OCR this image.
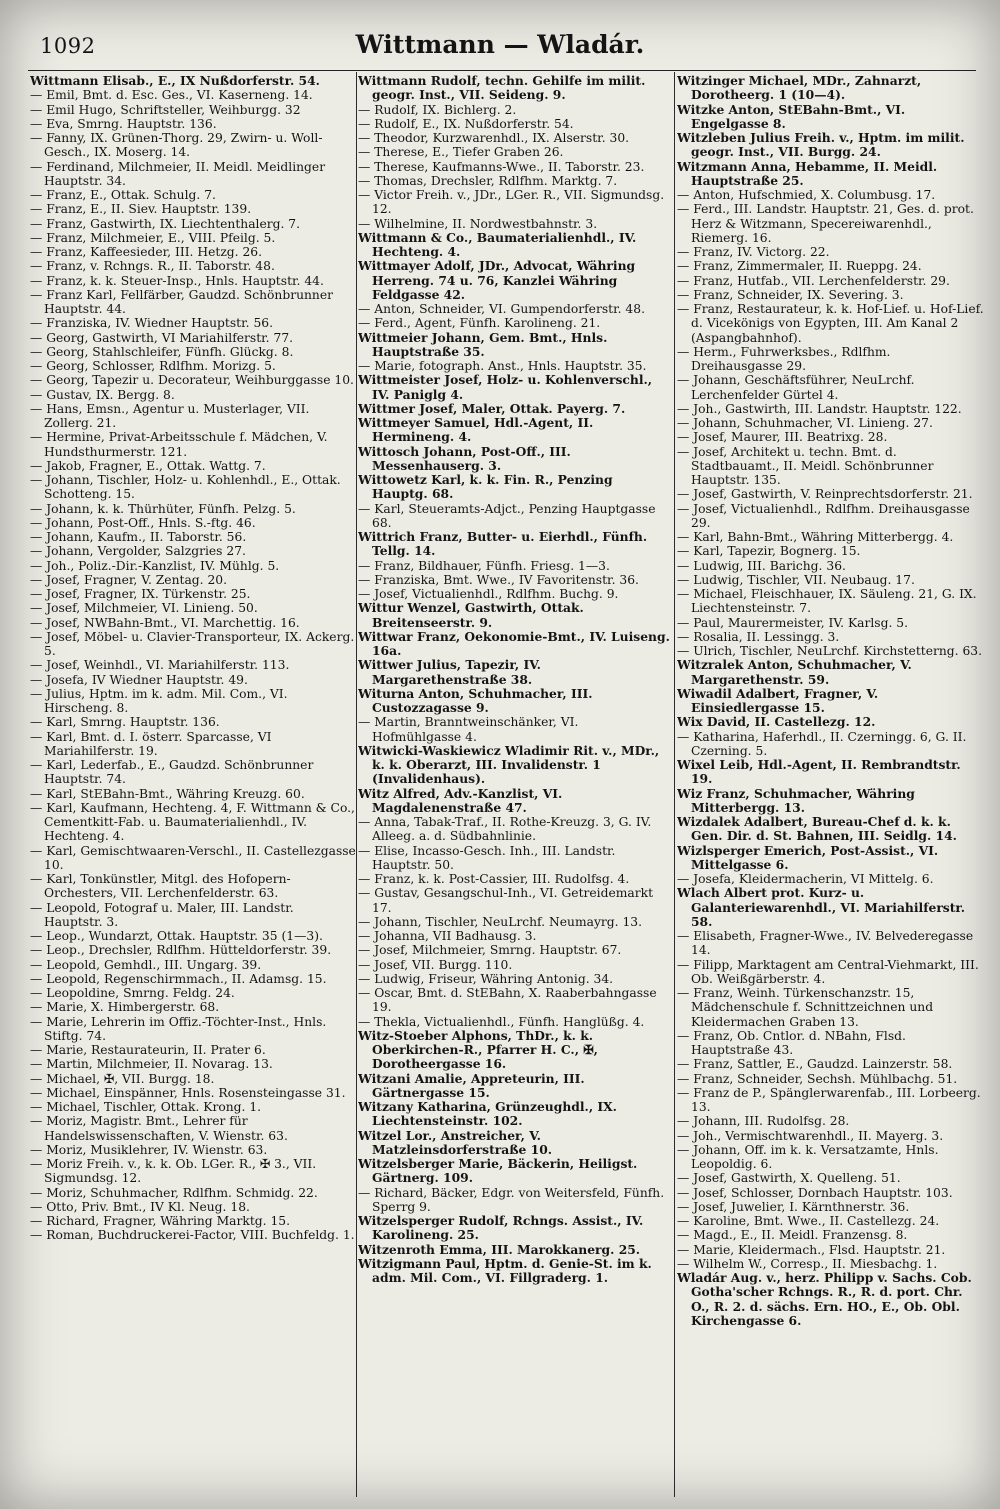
1092	Wittmann — Wladár.
Wittmann Elisab., E., IX Nußdorferstr. 54.
— Emil, Bmt. d. Esc. Ges., VI. Kaserneng. 14.
— Emil Hugo, Schriftsteller, Weihburgg. 32
— Eva, Smrng. Hauptstr. 136.
— Fanny, IX. Grünen-Thorg. 29, Zwirn- u. Woll-Gesch., IX. Moserg. 14.
— Ferdinand, Milchmeier, II. Meidl. Meidlinger Hauptstr. 34.
— Franz, E., Ottak. Schulg. 7.
— Franz, E., II. Siev. Hauptstr. 139.
— Franz, Gastwirth, IX. Liechtenthalerg. 7.
— Franz, Milchmeier, E., VIII. Pfeilg. 5.
— Franz, Kaffeesieder, III. Hetzg. 26.
— Franz, v. Rchngs. R., II. Taborstr. 48.
— Franz, k. k. Steuer-Insp., Hnls. Hauptstr. 44.
— Franz Karl, Fellfärber, Gaudzd. Schönbrunner Hauptstr. 44.
— Franziska, IV. Wiedner Hauptstr. 56.
— Georg, Gastwirth, VI Mariahilferstr. 77.
— Georg, Stahlschleifer, Fünfh. Glückg. 8.
— Georg, Schlosser, Rdlfhm. Morizg. 5.
— Georg, Tapezir u. Decorateur, Weihburggasse 10.
— Gustav, IX. Bergg. 8.
— Hans, Emsn., Agentur u. Musterlager, VII. Zollerg. 21.
— Hermine, Privat-Arbeitsschule f. Mädchen, V. Hundsthurmerstr. 121.
— Jakob, Fragner, E., Ottak. Wattg. 7.
— Johann, Tischler, Holz- u. Kohlenhdl., E., Ottak. Schotteng. 15.
— Johann, k. k. Thürhüter, Fünfh. Pelzg. 5.
— Johann, Post-Off., Hnls. S.-ftg. 46.
— Johann, Kaufm., II. Taborstr. 56.
— Johann, Vergolder, Salzgries 27.
— Joh., Poliz.-Dir.-Kanzlist, IV. Mühlg. 5.
— Josef, Fragner, V. Zentag. 20.
— Josef, Fragner, IX. Türkenstr. 25.
— Josef, Milchmeier, VI. Linieng. 50.
— Josef, NWBahn-Bmt., VI. Marchettig. 16.
— Josef, Möbel- u. Clavier-Transporteur, IX. Ackerg. 5.
— Josef, Weinhdl., VI. Mariahilferstr. 113.
— Josefa, IV Wiedner Hauptstr. 49.
— Julius, Hptm. im k. adm. Mil. Com., VI. Hirscheng. 8.
— Karl, Smrng. Hauptstr. 136.
— Karl, Bmt. d. I. österr. Sparcasse, VI Mariahilferstr. 19.
— Karl, Lederfab., E., Gaudzd. Schönbrunner Hauptstr. 74.
— Karl, StEBahn-Bmt., Währing Kreuzg. 60.
— Karl, Kaufmann, Hechteng. 4, F. Wittmann & Co., Cementkitt-Fab. u. Baumaterialienhdl., IV. Hechteng. 4.
— Karl, Gemischtwaaren-Verschl., II. Castellezgasse 10.
— Karl, Tonkünstler, Mitgl. des Hofopern-Orchesters, VII. Lerchenfelderstr. 63.
— Leopold, Fotograf u. Maler, III. Landstr. Hauptstr. 3.
— Leop., Wundarzt, Ottak. Hauptstr. 35 (1—3).
— Leop., Drechsler, Rdlfhm. Hütteldorferstr. 39.
— Leopold, Gemhdl., III. Ungarg. 39.
— Leopold, Regenschirmmach., II. Adamsg. 15.
— Leopoldine, Smrng. Feldg. 24.
— Marie, X. Himbergerstr. 68.
— Marie, Lehrerin im Offiz.-Töchter-Inst., Hnls. Stiftg. 74.
— Marie, Restaurateurin, II. Prater 6.
— Martin, Milchmeier, II. Novarag. 13.
— Michael, ✠, VII. Burgg. 18.
— Michael, Einspänner, Hnls. Rosensteingasse 31.
— Michael, Tischler, Ottak. Krong. 1.
— Moriz, Magistr. Bmt., Lehrer für Handelswissenschaften, V. Wienstr. 63.
— Moriz, Musiklehrer, IV. Wienstr. 63.
— Moriz Freih. v., k. k. Ob. LGer. R., ✠ 3., VII. Sigmundsg. 12.
— Moriz, Schuhmacher, Rdlfhm. Schmidg. 22.
— Otto, Priv. Bmt., IV Kl. Neug. 18.
— Richard, Fragner, Währing Marktg. 15.
— Roman, Buchdruckerei-Factor, VIII. Buchfeldg. 1.
Wittmann Rudolf, techn. Gehilfe im milit. geogr. Inst., VII. Seideng. 9.
— Rudolf, IX. Bichlerg. 2.
— Rudolf, E., IX. Nußdorferstr. 54.
— Theodor, Kurzwarenhdl., IX. Alserstr. 30.
— Therese, E., Tiefer Graben 26.
— Therese, Kaufmanns-Wwe., II. Taborstr. 23.
— Thomas, Drechsler, Rdlfhm. Marktg. 7.
— Victor Freih. v., JDr., LGer. R., VII. Sigmundsg. 12.
— Wilhelmine, II. Nordwestbahnstr. 3.
Wittmann & Co., Baumaterialienhdl., IV. Hechteng. 4.
Wittmayer Adolf, JDr., Advocat, Währing Herreng. 74 u. 76, Kanzlei Währing Feldgasse 42.
— Anton, Schneider, VI. Gumpendorferstr. 48.
— Ferd., Agent, Fünfh. Karolineng. 21.
Wittmeier Johann, Gem. Bmt., Hnls. Hauptstraße 35.
— Marie, fotograph. Anst., Hnls. Hauptstr. 35.
Wittmeister Josef, Holz- u. Kohlenverschl., IV. Paniglg 4.
Wittmer Josef, Maler, Ottak. Payerg. 7.
Wittmeyer Samuel, Hdl.-Agent, II. Hermineng. 4.
Wittosch Johann, Post-Off., III. Messenhauserg. 3.
Wittowetz Karl, k. k. Fin. R., Penzing Hauptg. 68.
— Karl, Steueramts-Adjct., Penzing Hauptgasse 68.
Wittrich Franz, Butter- u. Eierhdl., Fünfh. Tellg. 14.
— Franz, Bildhauer, Fünfh. Friesg. 1—3.
— Franziska, Bmt. Wwe., IV Favoritenstr. 36.
— Josef, Victualienhdl., Rdlfhm. Buchg. 9.
Wittur Wenzel, Gastwirth, Ottak. Breitenseerstr. 9.
Wittwar Franz, Oekonomie-Bmt., IV. Luiseng. 16a.
Wittwer Julius, Tapezir, IV. Margarethenstraße 38.
Witurna Anton, Schuhmacher, III. Custozzagasse 9.
— Martin, Branntweinschänker, VI. Hofmühlgasse 4.
Witwicki-Waskiewicz Wladimir Rit. v., MDr., k. k. Oberarzt, III. Invalidenstr. 1 (Invalidenhaus).
Witz Alfred, Adv.-Kanzlist, VI. Magdalenenstraße 47.
— Anna, Tabak-Traf., II. Rothe-Kreuzg. 3, G. IV. Alleeg. a. d. Südbahnlinie.
— Elise, Incasso-Gesch. Inh., III. Landstr. Hauptstr. 50.
— Franz, k. k. Post-Cassier, III. Rudolfsg. 4.
— Gustav, Gesangschul-Inh., VI. Getreidemarkt 17.
— Johann, Tischler, NeuLrchf. Neumayrg. 13.
— Johanna, VII Badhausg. 3.
— Josef, Milchmeier, Smrng. Hauptstr. 67.
— Josef, VII. Burgg. 110.
— Ludwig, Friseur, Währing Antonig. 34.
— Oscar, Bmt. d. StEBahn, X. Raaberbahngasse 19.
— Thekla, Victualienhdl., Fünfh. Hanglüßg. 4.
Witz-Stoeber Alphons, ThDr., k. k. Oberkirchen-R., Pfarrer H. C., ✠, Dorotheergasse 16.
Witzani Amalie, Appreteurin, III. Gärtnergasse 15.
Witzany Katharina, Grünzeughdl., IX. Liechtensteinstr. 102.
Witzel Lor., Anstreicher, V. Matzleinsdorferstraße 10.
Witzelsberger Marie, Bäckerin, Heiligst. Gärtnerg. 109.
— Richard, Bäcker, Edgr. von Weitersfeld, Fünfh. Sperrg 9.
Witzelsperger Rudolf, Rchngs. Assist., IV. Karolineng. 25.
Witzenroth Emma, III. Marokkanerg. 25.
Witzigmann Paul, Hptm. d. Genie-St. im k. adm. Mil. Com., VI. Fillgraderg. 1.
Witzinger Michael, MDr., Zahnarzt, Dorotheerg. 1 (10—4).
Witzke Anton, StEBahn-Bmt., VI. Engelgasse 8.
Witzleben Julius Freih. v., Hptm. im milit. geogr. Inst., VII. Burgg. 24.
Witzmann Anna, Hebamme, II. Meidl. Hauptstraße 25.
— Anton, Hufschmied, X. Columbusg. 17.
— Ferd., III. Landstr. Hauptstr. 21, Ges. d. prot. Herz & Witzmann, Specereiwarenhdl., Riemerg. 16.
— Franz, IV. Victorg. 22.
— Franz, Zimmermaler, II. Rueppg. 24.
— Franz, Hutfab., VII. Lerchenfelderstr. 29.
— Franz, Schneider, IX. Severing. 3.
— Franz, Restaurateur, k. k. Hof-Lief. u. Hof-Lief. d. Vicekönigs von Egypten, III. Am Kanal 2 (Aspangbahnhof).
— Herm., Fuhrwerksbes., Rdlfhm. Dreihausgasse 29.
— Johann, Geschäftsführer, NeuLrchf. Lerchenfelder Gürtel 4.
— Joh., Gastwirth, III. Landstr. Hauptstr. 122.
— Johann, Schuhmacher, VI. Linieng. 27.
— Josef, Maurer, III. Beatrixg. 28.
— Josef, Architekt u. techn. Bmt. d. Stadtbauamt., II. Meidl. Schönbrunner Hauptstr. 135.
— Josef, Gastwirth, V. Reinprechtsdorferstr. 21.
— Josef, Victualienhdl., Rdlfhm. Dreihausgasse 29.
— Karl, Bahn-Bmt., Währing Mitterbergg. 4.
— Karl, Tapezir, Bognerg. 15.
— Ludwig, III. Barichg. 36.
— Ludwig, Tischler, VII. Neubaug. 17.
— Michael, Fleischhauer, IX. Säuleng. 21, G. IX. Liechtensteinstr. 7.
— Paul, Maurermeister, IV. Karlsg. 5.
— Rosalia, II. Lessingg. 3.
— Ulrich, Tischler, NeuLrchf. Kirchstetterng. 63.
Witzralek Anton, Schuhmacher, V. Margarethenstr. 59.
Wiwadil Adalbert, Fragner, V. Einsiedlergasse 15.
Wix David, II. Castellezg. 12.
— Katharina, Haferhdl., II. Czerningg. 6, G. II. Czerning. 5.
Wixel Leib, Hdl.-Agent, II. Rembrandtstr. 19.
Wiz Franz, Schuhmacher, Währing Mitterbergg. 13.
Wizdalek Adalbert, Bureau-Chef d. k. k. Gen. Dir. d. St. Bahnen, III. Seidlg. 14.
Wizlsperger Emerich, Post-Assist., VI. Mittelgasse 6.
— Josefa, Kleidermacherin, VI Mittelg. 6.
Wlach Albert prot. Kurz- u. Galanteriewarenhdl., VI. Mariahilferstr. 58.
— Elisabeth, Fragner-Wwe., IV. Belvederegasse 14.
— Filipp, Marktagent am Central-Viehmarkt, III. Ob. Weißgärberstr. 4.
— Franz, Weinh. Türkenschanzstr. 15, Mädchenschule f. Schnittzeichnen und Kleidermachen Graben 13.
— Franz, Ob. Cntlor. d. NBahn, Flsd. Hauptstraße 43.
— Franz, Sattler, E., Gaudzd. Lainzerstr. 58.
— Franz, Schneider, Sechsh. Mühlbachg. 51.
— Franz de P., Spänglerwarenfab., III. Lorbeerg. 13.
— Johann, III. Rudolfsg. 28.
— Joh., Vermischtwarenhdl., II. Mayerg. 3.
— Johann, Off. im k. k. Versatzamte, Hnls. Leopoldig. 6.
— Josef, Gastwirth, X. Quelleng. 51.
— Josef, Schlosser, Dornbach Hauptstr. 103.
— Josef, Juwelier, I. Kärnthnerstr. 36.
— Karoline, Bmt. Wwe., II. Castellezg. 24.
— Magd., E., II. Meidl. Franzensg. 8.
— Marie, Kleidermach., Flsd. Hauptstr. 21.
— Wilhelm W., Corresp., II. Miesbachg. 1.
Wladár Aug. v., herz. Philipp v. Sachs. Cob. Gotha'scher Rchngs. R., R. d. port. Chr. O., R. 2. d. sächs. Ern. HO., E., Ob. Obl. Kirchengasse 6.
